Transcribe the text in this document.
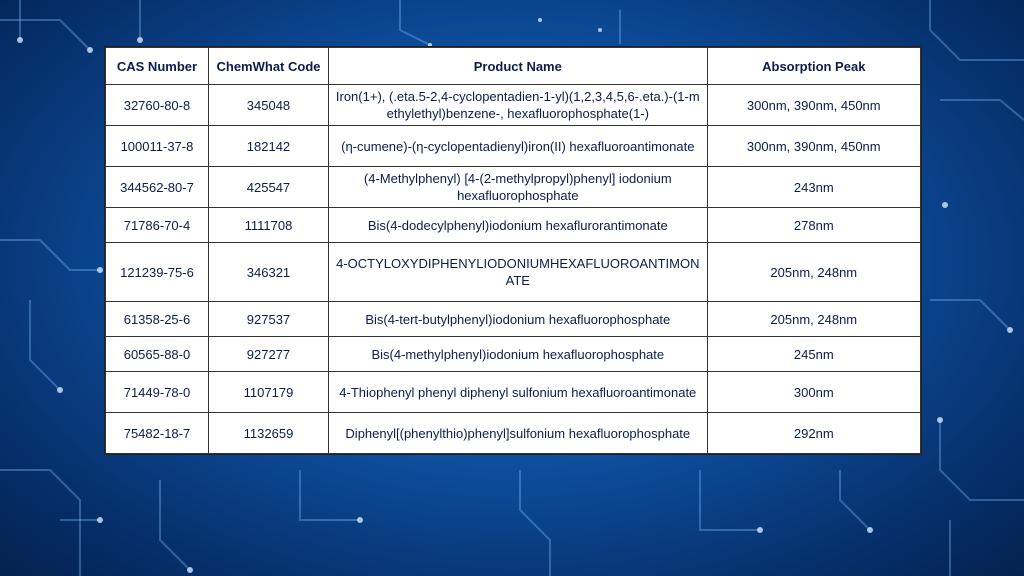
CAS Number	ChemWhat Code	Product Name	Absorption Peak
32760-80-8	345048	Iron(1+), (.eta.5-2,4-cyclopentadien-1-yl)(1,2,3,4,5,6-.eta.)-(1-methylethyl)benzene-, hexafluorophosphate(1-)	300nm, 390nm, 450nm
100011-37-8	182142	(η-cumene)-(η-cyclopentadienyl)iron(II) hexafluoroantimonate	300nm, 390nm, 450nm
344562-80-7	425547	(4-Methylphenyl) [4-(2-methylpropyl)phenyl] iodonium hexafluorophosphate	243nm
71786-70-4	1111708	Bis(4-dodecylphenyl)iodonium hexaflurorantimonate	278nm
121239-75-6	346321	4-OCTYLOXYDIPHENYLIODONIUMHEXAFLUOROANTIMONATE	205nm, 248nm
61358-25-6	927537	Bis(4-tert-butylphenyl)iodonium hexafluorophosphate	205nm, 248nm
60565-88-0	927277	Bis(4-methylphenyl)iodonium hexafluorophosphate	245nm
71449-78-0	1107179	4-Thiophenyl phenyl diphenyl sulfonium hexafluoroantimonate	300nm
75482-18-7	1132659	Diphenyl[(phenylthio)phenyl]sulfonium hexafluorophosphate	292nm
